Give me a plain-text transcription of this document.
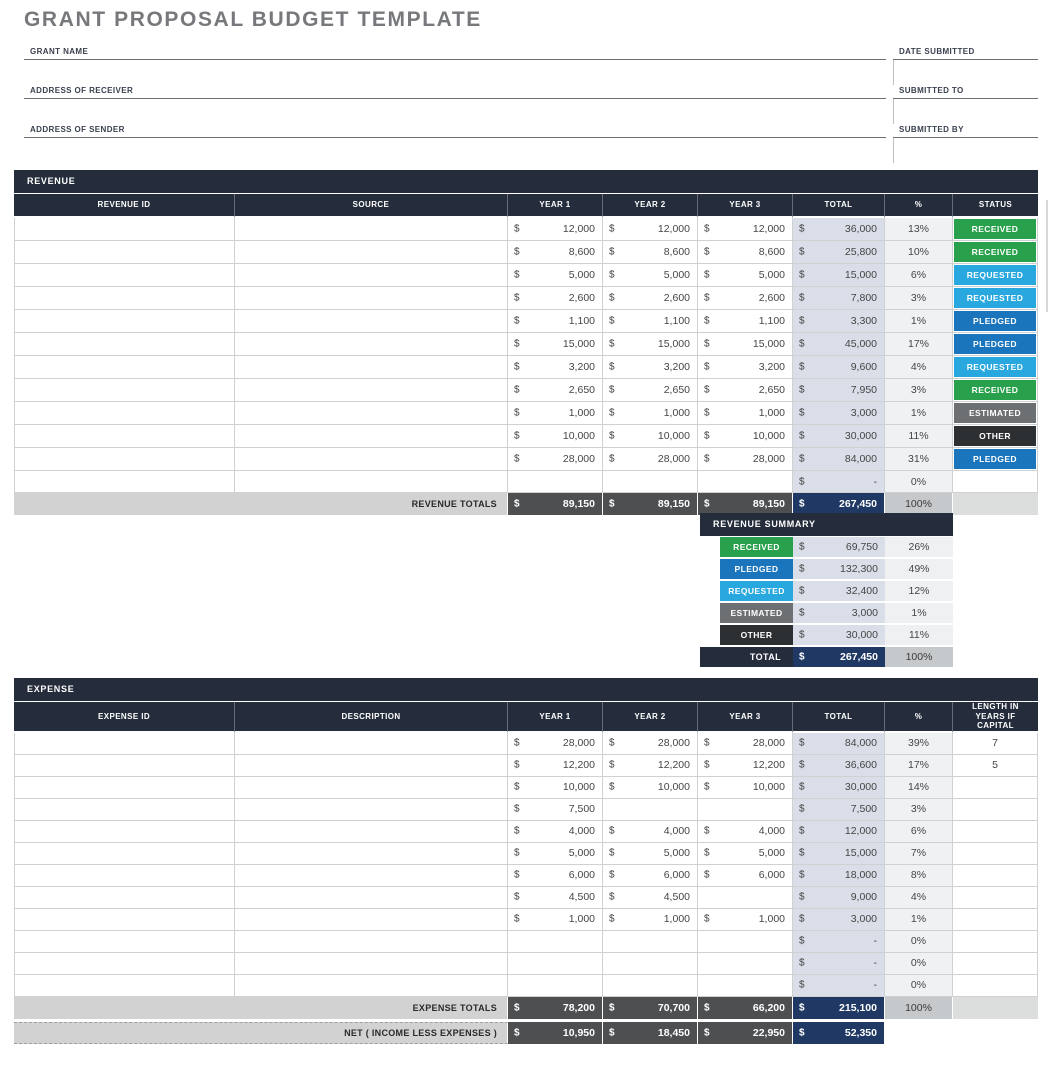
GRANT PROPOSAL BUDGET TEMPLATE
GRANT NAME	DATE SUBMITTED
ADDRESS OF RECEIVER	SUBMITTED TO
ADDRESS OF SENDER	SUBMITTED BY
REVENUE
REVENUE ID	SOURCE	YEAR 1	YEAR 2	YEAR 3	TOTAL	%	STATUS

		$ 12,000	$ 12,000	$ 12,000	$ 36,000	13%	RECEIVED

		$ 8,600	$ 8,600	$ 8,600	$ 25,800	10%	RECEIVED

		$ 5,000	$ 5,000	$ 5,000	$ 15,000	6%	REQUESTED

		$ 2,600	$ 2,600	$ 2,600	$ 7,800	3%	REQUESTED

		$ 1,100	$ 1,100	$ 1,100	$ 3,300	1%	PLEDGED

		$ 15,000	$ 15,000	$ 15,000	$ 45,000	17%	PLEDGED

		$ 3,200	$ 3,200	$ 3,200	$ 9,600	4%	REQUESTED

		$ 2,650	$ 2,650	$ 2,650	$ 7,950	3%	RECEIVED

		$ 1,000	$ 1,000	$ 1,000	$ 3,000	1%	ESTIMATED

		$ 10,000	$ 10,000	$ 10,000	$ 30,000	11%	OTHER

		$ 28,000	$ 28,000	$ 28,000	$ 84,000	31%	PLEDGED

					$ -	0%	
REVENUE TOTALS		$ 89,150	$ 89,150	$ 89,150	$ 267,450	100%	
REVENUE SUMMARY
RECEIVED	$ 69,750	26%

PLEDGED	$ 132,300	49%

REQUESTED	$ 32,400	12%

ESTIMATED	$ 3,000	1%

OTHER	$ 30,000	11%
TOTAL	$ 267,450	100%
EXPENSE
EXPENSE ID	DESCRIPTION	YEAR 1	YEAR 2	YEAR 3	TOTAL	%	LENGTH IN YEARS IF CAPITAL

		$ 28,000	$ 28,000	$ 28,000	$ 84,000	39%	7

		$ 12,200	$ 12,200	$ 12,200	$ 36,600	17%	5

		$ 10,000	$ 10,000	$ 10,000	$ 30,000	14%	

		$ 7,500			$ 7,500	3%	

		$ 4,000	$ 4,000	$ 4,000	$ 12,000	6%	

		$ 5,000	$ 5,000	$ 5,000	$ 15,000	7%	

		$ 6,000	$ 6,000	$ 6,000	$ 18,000	8%	

		$ 4,500	$ 4,500		$ 9,000	4%	

		$ 1,000	$ 1,000	$ 1,000	$ 3,000	1%	

					$ -	0%	

					$ -	0%	

					$ -	0%	
EXPENSE TOTALS		$ 78,200	$ 70,700	$ 66,200	$ 215,100	100%	
NET ( INCOME LESS EXPENSES )	$	10,950	$	18,450	$	22,950	$	52,350
